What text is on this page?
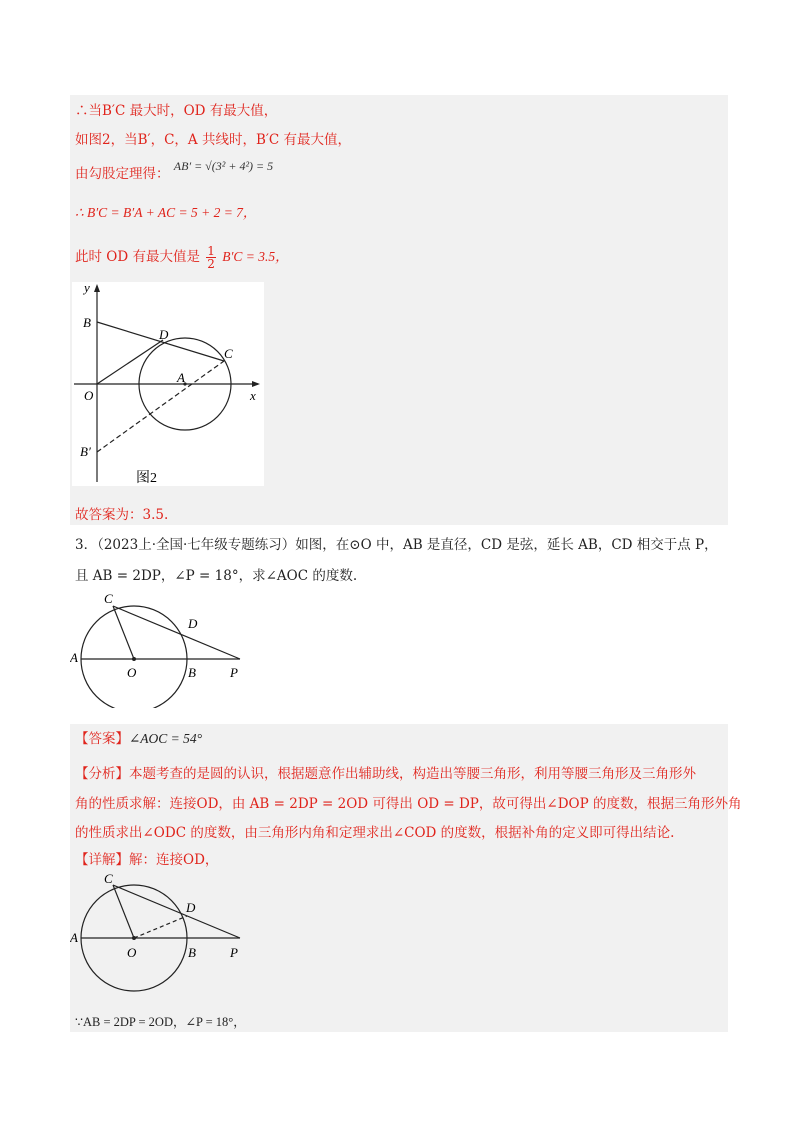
∴当B′C 最大时，OD 有最大值，
如图2，当B′，C，A 共线时，B′C 有最大值，
由勾股定理得： AB′ = √(3² + 4²) = 5
∴ B′C = B′A + AC = 5 + 2 = 7，
此时 OD 有最大值是 $\frac{1}{2} B'C = 3.5$，
y
x
O
B
D
C
A
B′
图2
故答案为：3.5.
3．（2023上·全国·七年级专题练习）如图，在⊙O 中，AB 是直径，CD 是弦，延长 AB，CD 相交于点 P，
且 AB = 2DP，∠P = 18°，求∠AOC 的度数.
C
D
A
O	B	P
【答案】∠AOC = 54°
【分析】本题考查的是圆的认识，根据题意作出辅助线，构造出等腰三角形，利用等腰三角形及三角形外
角的性质求解：连接OD，由 AB = 2DP = 2OD 可得出 OD = DP，故可得出∠DOP 的度数，根据三角形外角
的性质求出∠ODC 的度数，由三角形内角和定理求出∠COD 的度数，根据补角的定义即可得出结论.
【详解】解：连接OD，
C
D
A
O	B	P
∵AB = 2DP = 2OD，∠P = 18°，
